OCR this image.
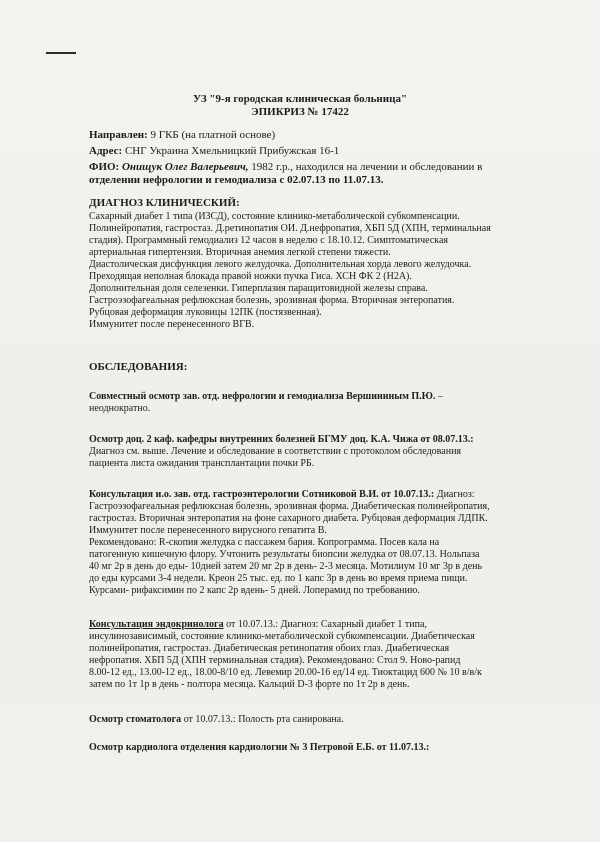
УЗ "9-я городская клиническая больница"
ЭПИКРИЗ № 17422
Направлен: 9 ГКБ (на платной основе)
Адрес: СНГ Украина Хмельницкий Прибужская 16-1
ФИО: Онищук Олег Валерьевич, 1982 г.р., находился на лечении и обследовании в
отделении нефрологии и гемодиализа с 02.07.13 по 11.07.13.
ДИАГНОЗ КЛИНИЧЕСКИЙ:
Сахарный диабет 1 типа (ИЗСД), состояние клинико-метаболической субкомпенсации.
Полинейропатия, гастростаз. Д.ретинопатия ОИ. Д.нефропатия, ХБП 5Д (ХПН, терминальная
стадия). Программный гемодиализ 12 часов в неделю с 18.10.12. Симптоматическая
артериальная гипертензия. Вторичная анемия легкой степени тяжести.
Диастолическая дисфункция левого желудочка. Дополнительная хорда левого желудочка.
Преходящая неполная блокада правой ножки пучка Гиса. ХСН ФК 2 (Н2А).
Дополнительная доля селезенки. Гиперплазия паращитовидной железы справа.
Гастроэзофагеальная рефлюксная болезнь, эрозивная форма. Вторичная энтеропатия.
Рубцовая деформация луковицы 12ПК (постязвенная).
Иммунитет после перенесенного ВГВ.
ОБСЛЕДОВАНИЯ:
Совместный осмотр зав. отд. нефрологии и гемодиализа Вершининым П.Ю. –
неоднократно.
Осмотр доц. 2 каф. кафедры внутренних болезней БГМУ доц. К.А. Чижа от 08.07.13.:
Диагноз см. выше. Лечение и обследование в соответствии с протоколом обследования
пациента листа ожидания трансплантации почки РБ.
Консультация и.о. зав. отд. гастроэнтерологии Сотниковой В.И. от 10.07.13.: Диагноз:
Гастроэзофагеальная рефлюксная болезнь, эрозивная форма. Диабетическая полинейропатия,
гастростаз. Вторичная энтеропатия на фоне сахарного диабета. Рубцовая деформация ЛДПК.
Иммунитет после перенесенного вирусного гепатита В.
Рекомендовано: R-скопия желудка с пассажем бария. Копрограмма. Посев кала на
патогенную кишечную флору. Учтонить результаты биопсии желудка от 08.07.13. Нольпаза
40 мг 2р в день до еды- 10дней затем 20 мг 2р в день- 2-3 месяца. Мотилиум 10 мг 3р в день
до еды курсами 3-4 недели. Креон 25 тыс. ед. по 1 капс 3р в день во время приема пищи.
Курсами- рифаксимин по 2 капс 2р вдень- 5 дней. Лоперамид по требованию.
Консультация эндокринолога от 10.07.13.: Диагноз: Сахарный диабет 1 типа,
инсулинозависимый, состояние клинико-метаболической субкомпенсации. Диабетическая
полинейропатия, гастростаз. Диабетическая ретинопатия обоих глаз. Диабетическая
нефропатия. ХБП 5Д (ХПН терминальная стадия). Рекомендовано: Стол 9. Ново-рапид
8.00-12 ед., 13.00-12 ед., 18.00-8/10 ед. Левемир 20.00-16 ед/14 ед. Тиоктацид 600 № 10 в/в/к
затем по 1т 1р в день - полтора месяца. Кальций D-3 форте по 1т 2р в день.
Осмотр стоматолога от 10.07.13.: Полость рта санирована.
Осмотр кардиолога отделения кардиологии № 3 Петровой Е.Б. от 11.07.13.:
